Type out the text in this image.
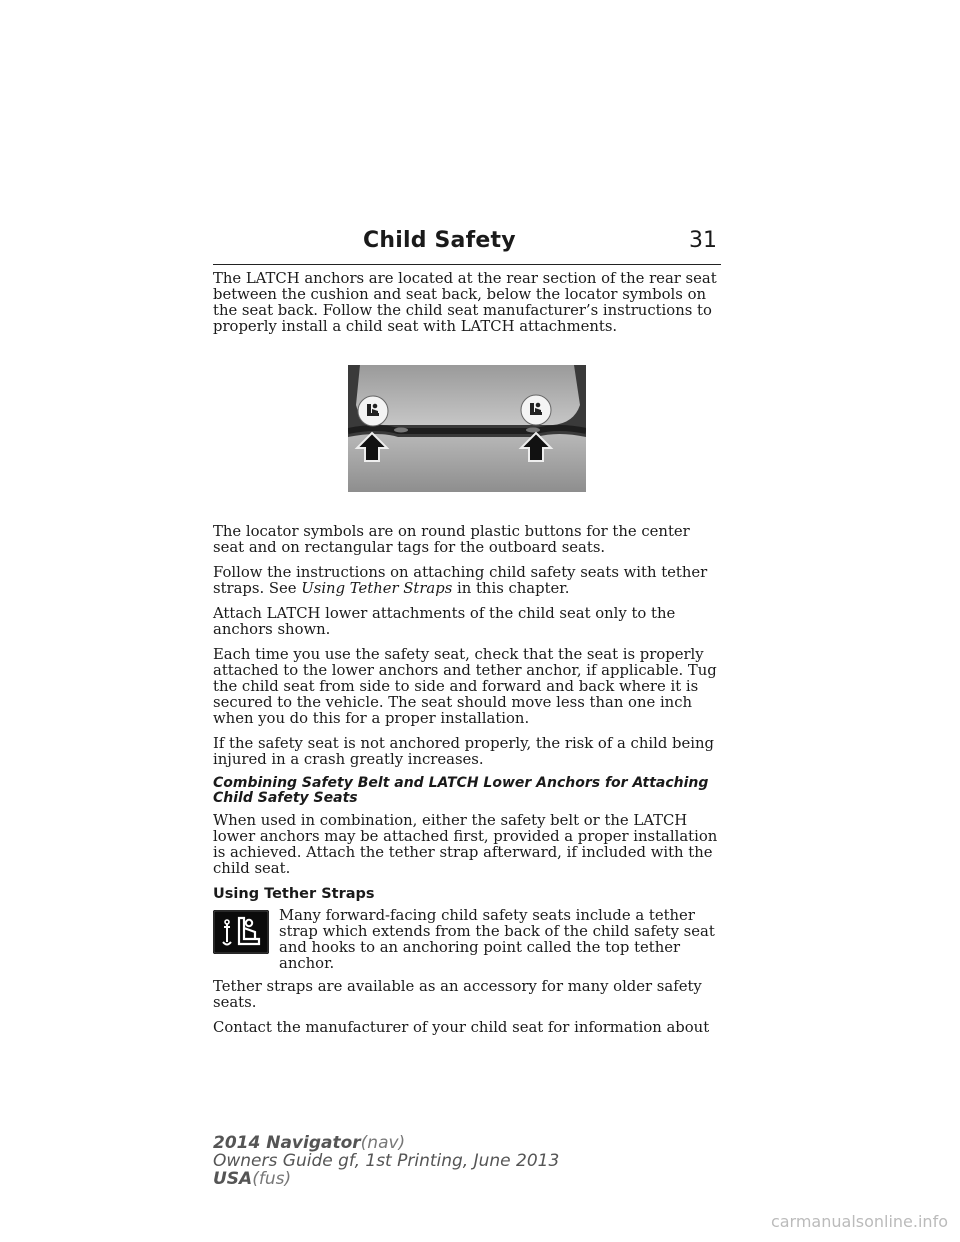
Child Safety	31

The LATCH anchors are located at the rear section of the rear seat between the cushion and seat back, below the locator symbols on the seat back. Follow the child seat manufacturer’s instructions to properly install a child seat with LATCH attachments.

The locator symbols are on round plastic buttons for the center seat and on rectangular tags for the outboard seats.

Follow the instructions on attaching child safety seats with tether straps. See Using Tether Straps in this chapter.

Attach LATCH lower attachments of the child seat only to the anchors shown.

Each time you use the safety seat, check that the seat is properly attached to the lower anchors and tether anchor, if applicable. Tug the child seat from side to side and forward and back where it is secured to the vehicle. The seat should move less than one inch when you do this for a proper installation.

If the safety seat is not anchored properly, the risk of a child being injured in a crash greatly increases.

Combining Safety Belt and LATCH Lower Anchors for Attaching Child Safety Seats

When used in combination, either the safety belt or the LATCH lower anchors may be attached first, provided a proper installation is achieved. Attach the tether strap afterward, if included with the child seat.

Using Tether Straps
Many forward-facing child safety seats include a tether strap which extends from the back of the child safety seat and hooks to an anchoring point called the top tether anchor.

Tether straps are available as an accessory for many older safety seats.

Contact the manufacturer of your child seat for information about

2014 Navigator(nav)
Owners Guide gf, 1st Printing, June 2013
USA(fus)
carmanualsonline.info
